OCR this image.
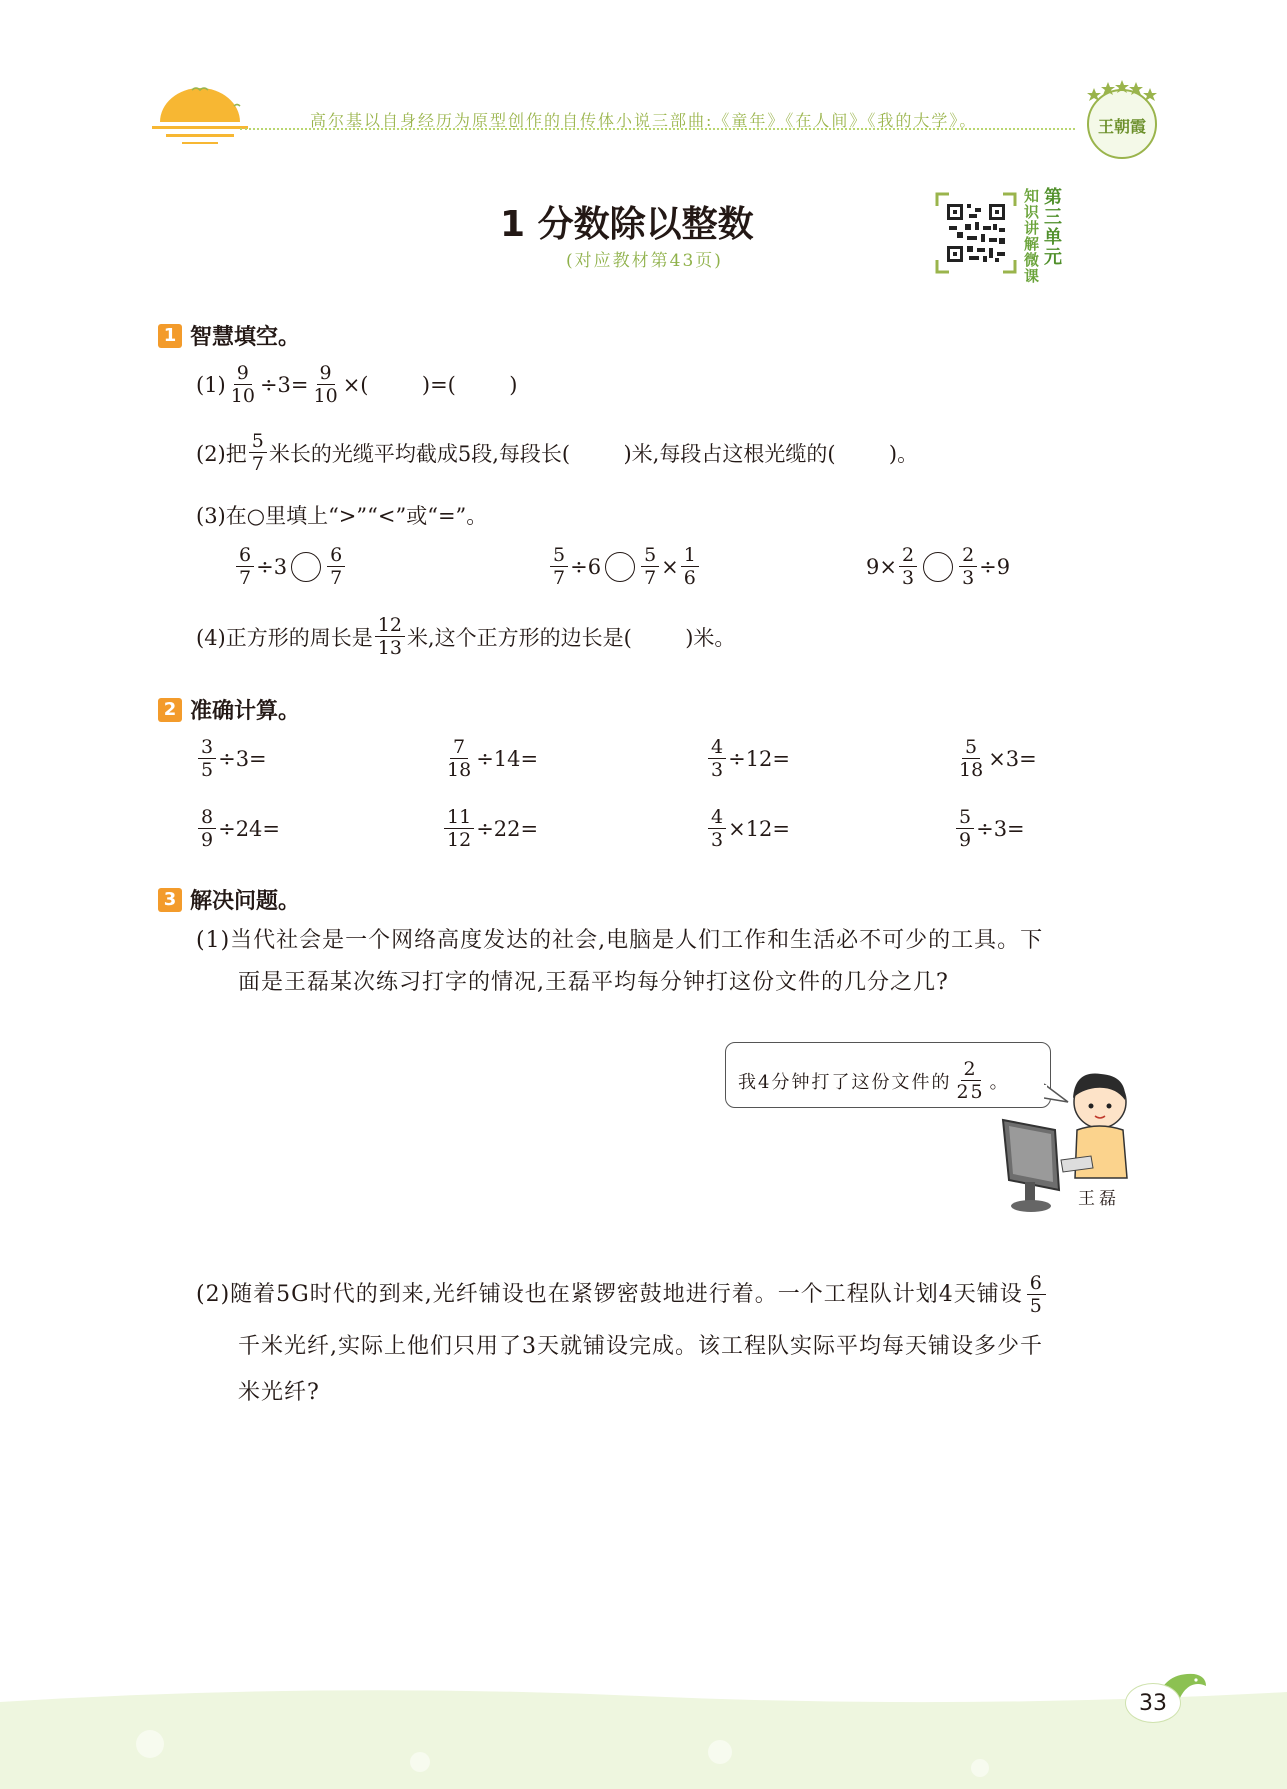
高尔基以自身经历为原型创作的自传体小说三部曲:《童年》《在人间》《我的大学》。	王朝霞
1 分数除以整数
(对应教材第43页)
知
识
讲
解
微
课
第
三
单
元
1 智慧填空。
$(1) \frac{9}{10} \div 3= \frac{9}{10}$ ×(        )=(        )
(2)把 $\frac{5}{7}$ 米长的光缆平均截成5段,每段长(        )米,每段占这根光缆的(        )。
(3)在○里填上“>”“<”或“=”。
$\frac{6}{7} \div 3 \frac{6}{7}$	$\frac{5}{7} \div 6 \frac{5}{7} \times \frac{1}{6}$	$9\times \frac{2}{3} \frac{2}{3} \div 9$
(4)正方形的周长是 $\frac{12}{13}$ 米,这个正方形的边长是(        )米。
2 准确计算。
$\frac{3}{5} \div 3=$	$\frac{7}{18} \div 14=$	$\frac{4}{3} \div 12=$	$\frac{5}{18} \times 3=$
$\frac{8}{9} \div 24=$	$\frac{11}{12} \div 22=$	$\frac{4}{3} \times 12=$	$\frac{5}{9} \div 3=$
3 解决问题。
(1)当代社会是一个网络高度发达的社会,电脑是人们工作和生活必不可少的工具。下
面是王磊某次练习打字的情况,王磊平均每分钟打这份文件的几分之几?
我4分钟打了这份文件的 $\frac{2}{25}$ 。
王磊
(2)随着5G时代的到来,光纤铺设也在紧锣密鼓地进行着。一个工程队计划4天铺设 $\frac{6}{5}$
千米光纤,实际上他们只用了3天就铺设完成。该工程队实际平均每天铺设多少千
米光纤?
33
